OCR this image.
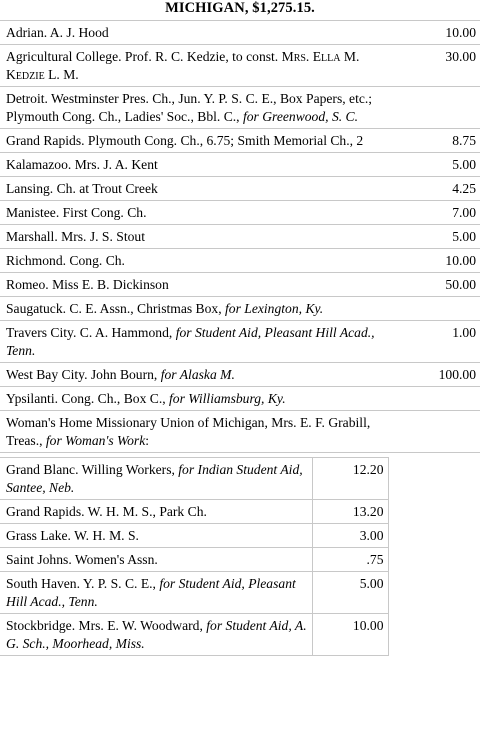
MICHIGAN, $1,275.15.
Adrian. A. J. Hood	10.00
Agricultural College. Prof. R. C. Kedzie, to const. Mrs. Ella M. Kedzie L. M.	30.00
Detroit. Westminster Pres. Ch., Jun. Y. P. S. C. E., Box Papers, etc.; Plymouth Cong. Ch., Ladies' Soc., Bbl. C., for Greenwood, S. C.	
Grand Rapids. Plymouth Cong. Ch., 6.75; Smith Memorial Ch., 2	8.75
Kalamazoo. Mrs. J. A. Kent	5.00
Lansing. Ch. at Trout Creek	4.25
Manistee. First Cong. Ch.	7.00
Marshall. Mrs. J. S. Stout	5.00
Richmond. Cong. Ch.	10.00
Romeo. Miss E. B. Dickinson	50.00
Saugatuck. C. E. Assn., Christmas Box, for Lexington, Ky.	
Travers City. C. A. Hammond, for Student Aid, Pleasant Hill Acad., Tenn.	1.00
West Bay City. John Bourn, for Alaska M.	100.00
Ypsilanti. Cong. Ch., Box C., for Williamsburg, Ky.	
Woman's Home Missionary Union of Michigan, Mrs. E. F. Grabill, Treas., for Woman's Work:	
Grand Blanc. Willing Workers, for Indian Student Aid, Santee, Neb.	12.20
Grand Rapids. W. H. M. S., Park Ch.	13.20
Grass Lake. W. H. M. S.	3.00
Saint Johns. Women's Assn.	.75
South Haven. Y. P. S. C. E., for Student Aid, Pleasant Hill Acad., Tenn.	5.00
Stockbridge. Mrs. E. W. Woodward, for Student Aid, A. G. Sch., Moorhead, Miss.	10.00
